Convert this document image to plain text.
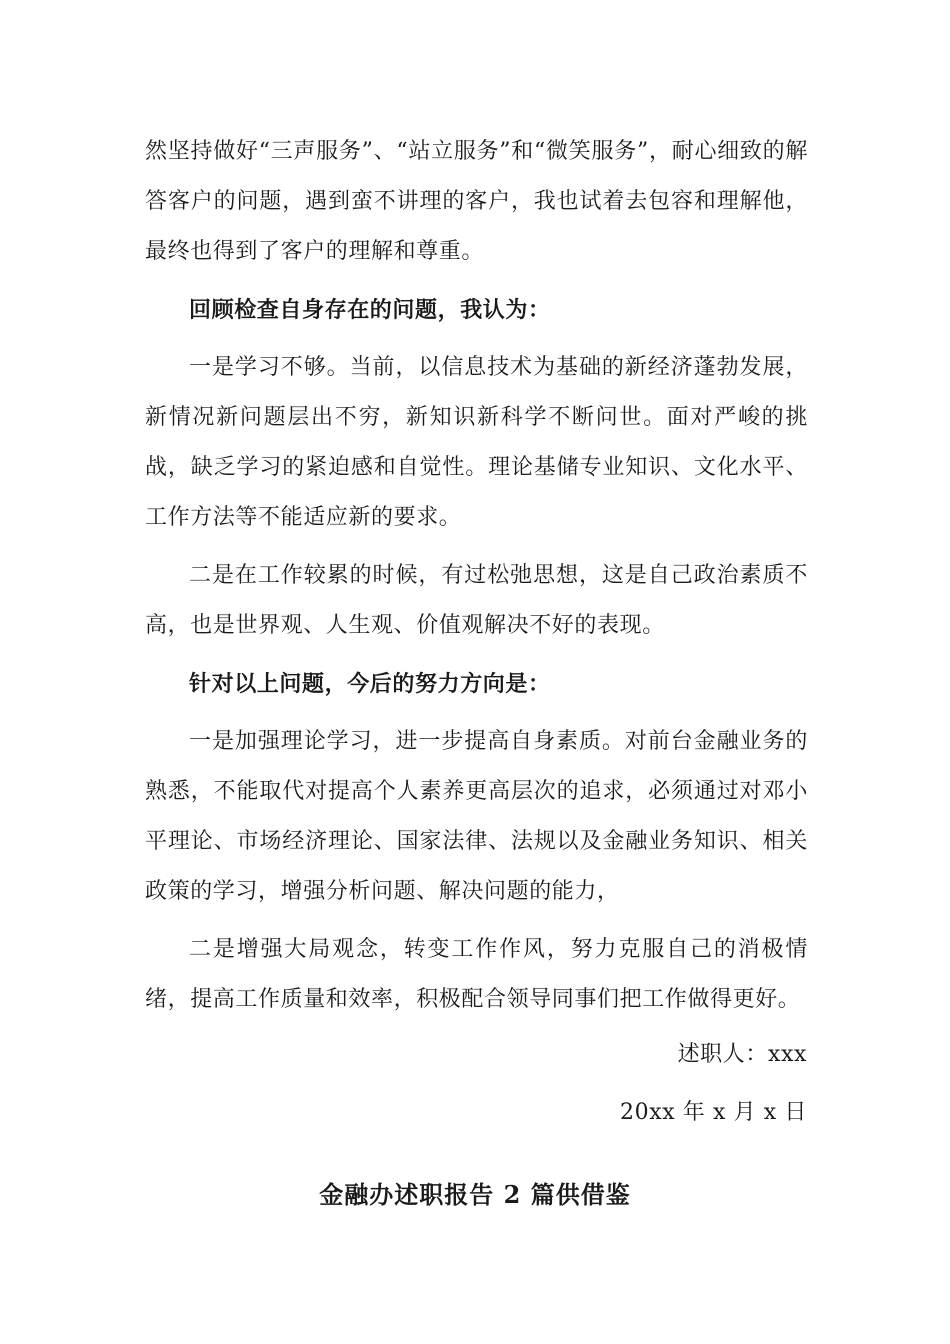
然坚持做好“三声服务”、“站立服务”和“微笑服务”，耐心细致的解答客户的问题，遇到蛮不讲理的客户，我也试着去包容和理解他，最终也得到了客户的理解和尊重。

回顾检查自身存在的问题，我认为：

一是学习不够。当前，以信息技术为基础的新经济蓬勃发展，新情况新问题层出不穷，新知识新科学不断问世。面对严峻的挑战，缺乏学习的紧迫感和自觉性。理论基储专业知识、文化水平、工作方法等不能适应新的要求。

二是在工作较累的时候，有过松弛思想，这是自己政治素质不高，也是世界观、人生观、价值观解决不好的表现。

针对以上问题，今后的努力方向是：

一是加强理论学习，进一步提高自身素质。对前台金融业务的熟悉，不能取代对提高个人素养更高层次的追求，必须通过对邓小平理论、市场经济理论、国家法律、法规以及金融业务知识、相关政策的学习，增强分析问题、解决问题的能力，

二是增强大局观念，转变工作作风，努力克服自己的消极情绪，提高工作质量和效率，积极配合领导同事们把工作做得更好。

述职人：xxx

20xx 年 x 月 x 日

金融办述职报告 2 篇供借鉴
